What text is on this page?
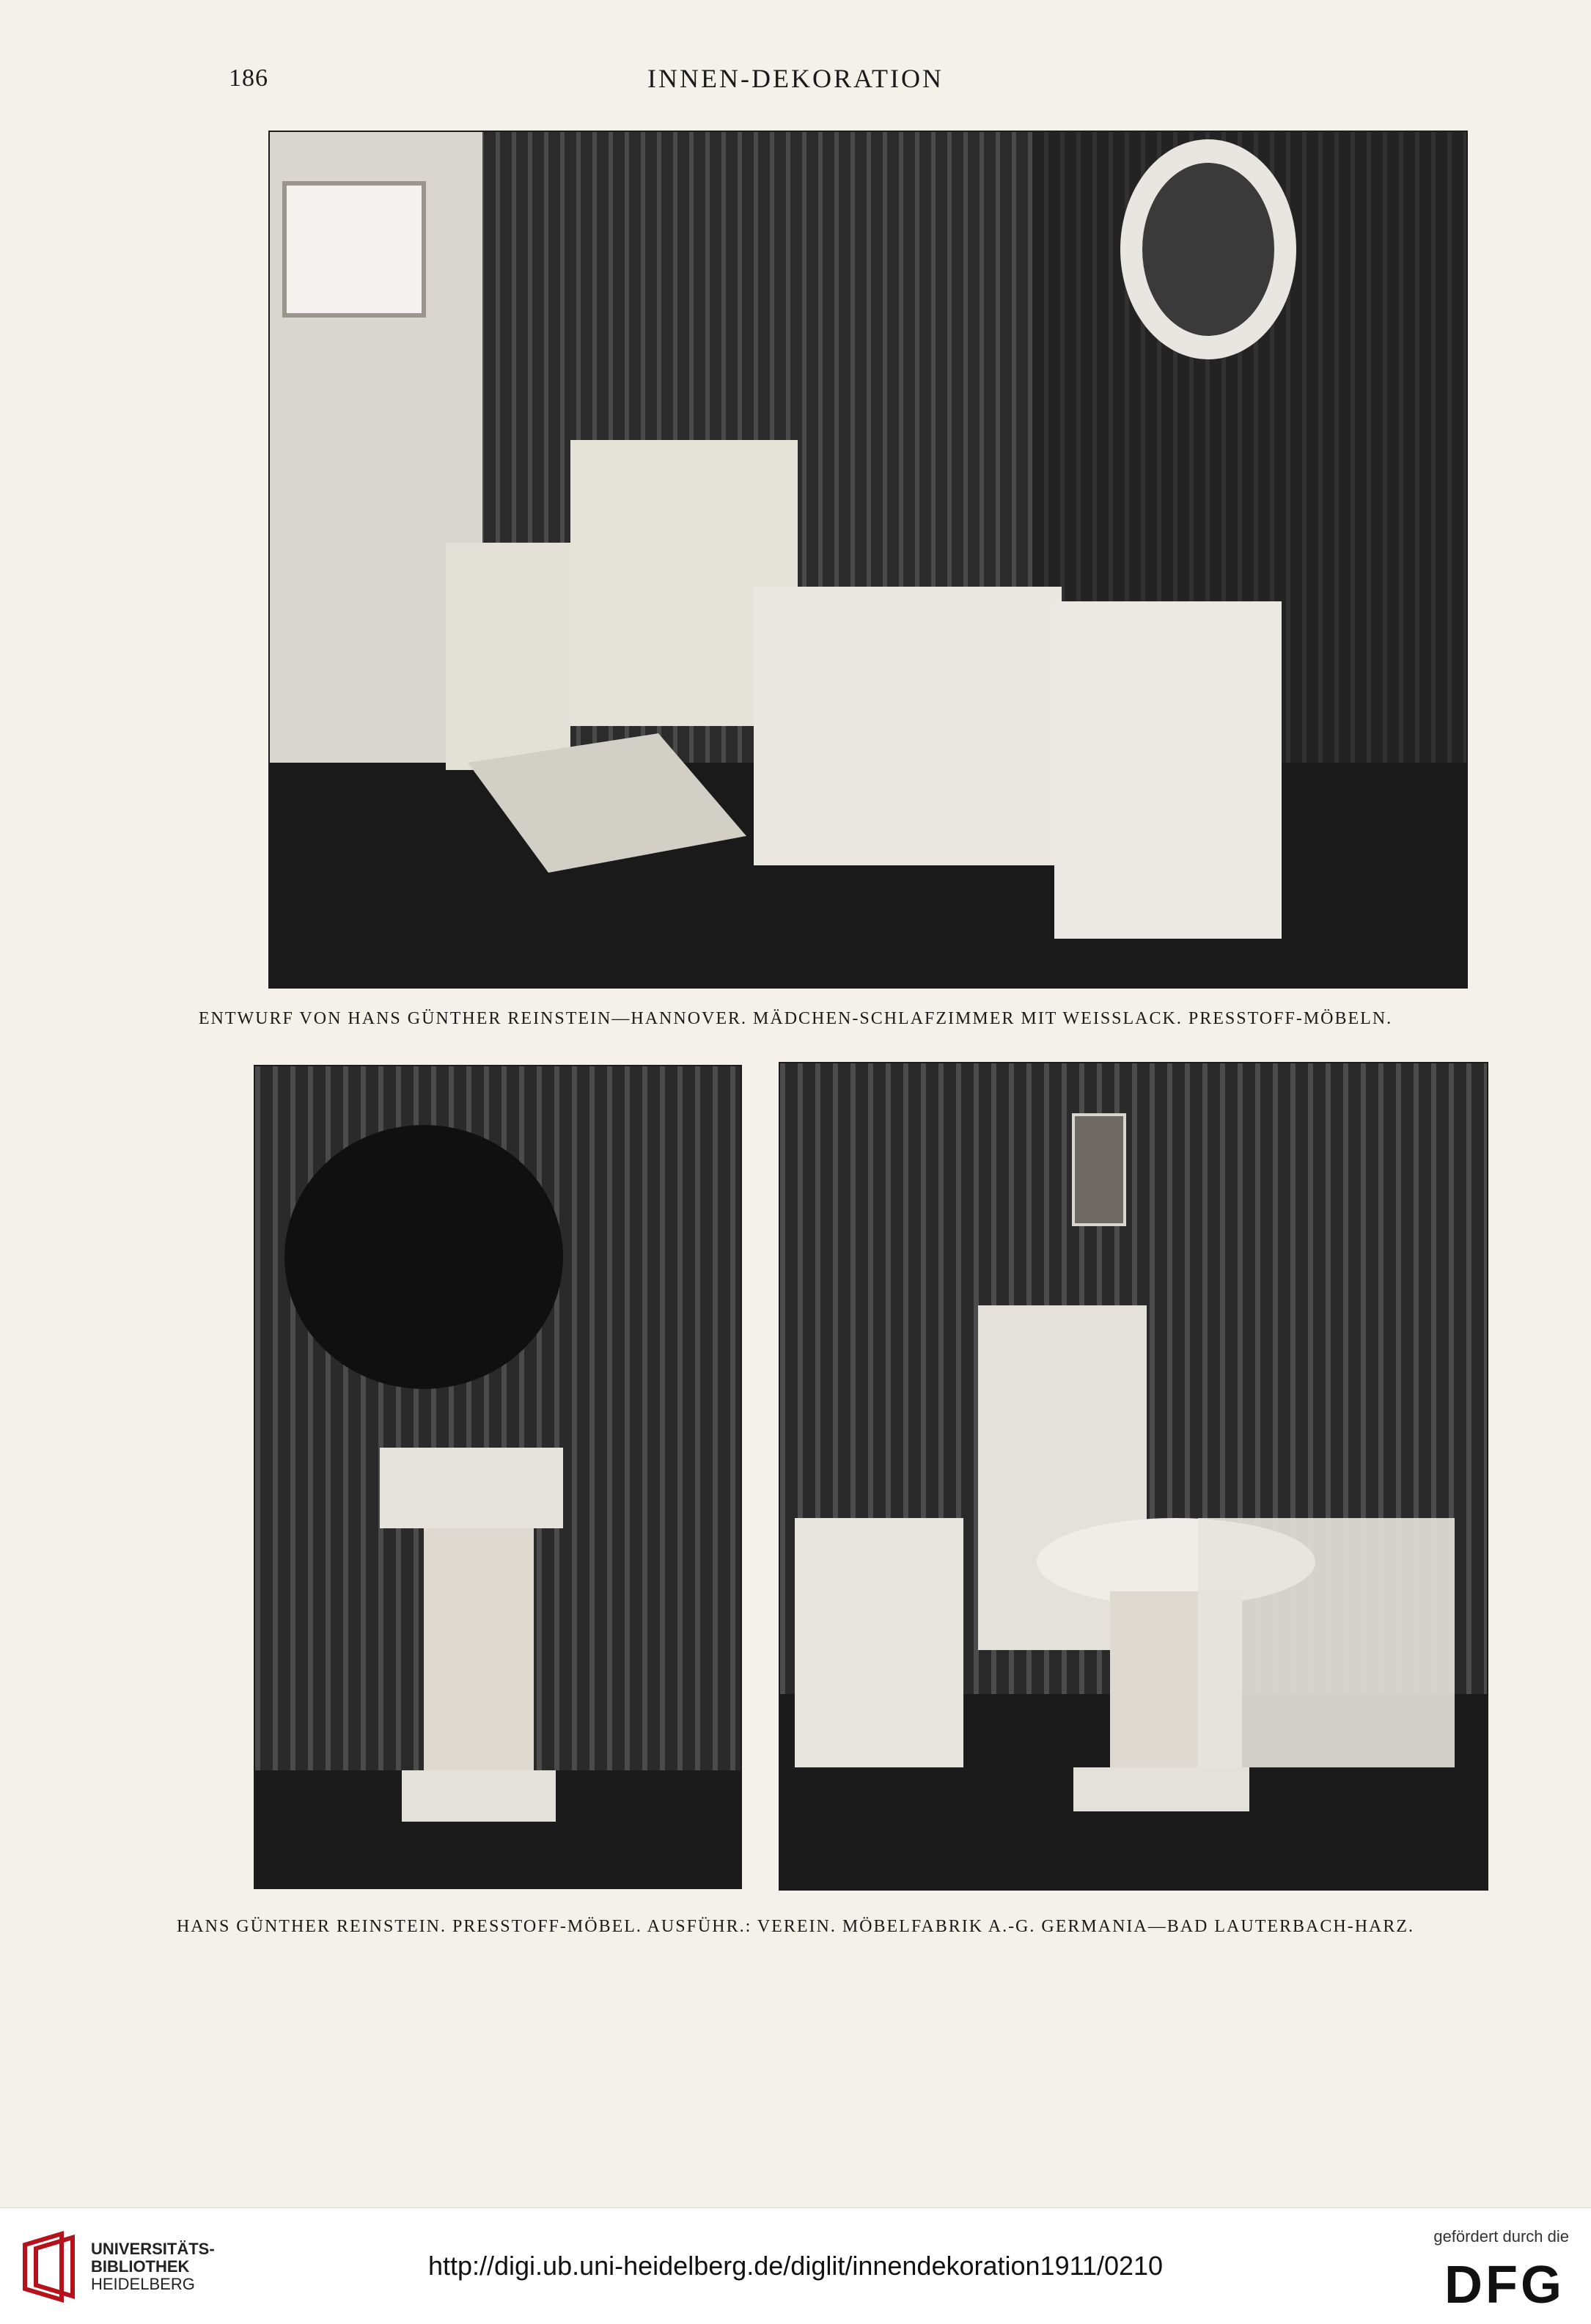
186	INNEN-DEKORATION
ENTWURF VON HANS GÜNTHER REINSTEIN—HANNOVER. MÄDCHEN-SCHLAFZIMMER MIT WEISSLACK. PRESSTOFF-MÖBELN.
HANS GÜNTHER REINSTEIN. PRESSTOFF-MÖBEL. AUSFÜHR.: VEREIN. MÖBELFABRIK A.-G. GERMANIA—BAD LAUTERBACH-HARZ.
UNIVERSITÄTS-
BIBLIOTHEK
HEIDELBERG
http://digi.ub.uni-heidelberg.de/diglit/innendekoration1911/0210
gefördert durch die
DFG
